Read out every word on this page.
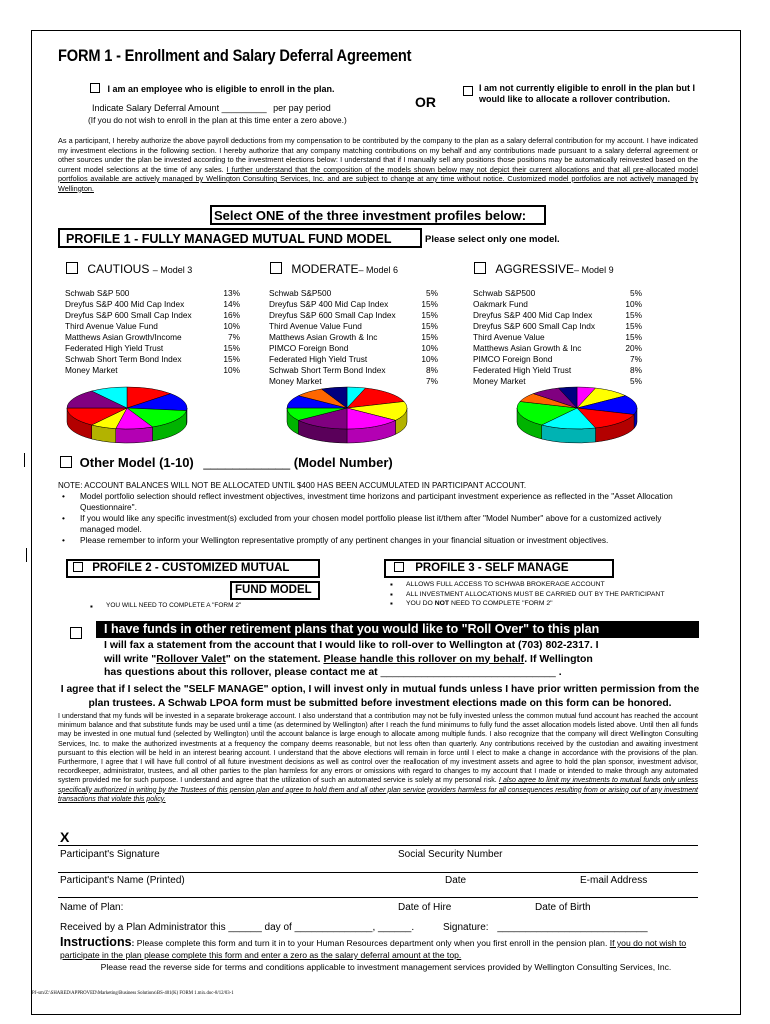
FORM 1 - Enrollment and Salary Deferral Agreement
I am an employee who is eligible to enroll in the plan.
Indicate Salary Deferral Amount _________ per pay period
(If you do not wish to enroll in the plan at this time enter a zero above.)
OR
I am not currently eligible to enroll in the plan but I would like to allocate a rollover contribution.
As a participant, I hereby authorize the above payroll deductions from my compensation to be contributed by the company to the plan as a salary deferral contribution for my account. I have indicated my investment elections in the following section. I hereby authorize that any company matching contributions on my behalf and any contributions made pursuant to a salary deferral agreement or other sources under the plan be invested according to the investment elections below: I understand that if I manually sell any positions those positions may be automatically reinvested based on the current model selections at the time of any sales. I further understand that the composition of the models shown below may not depict their current allocations and that all pre-allocated model portfolios available are actively managed by Wellington Consulting Services, Inc. and are subject to change at any time without notice. Customized model portfolios are not actively managed by Wellington.
Select ONE of the three investment profiles below:
PROFILE 1 - FULLY MANAGED MUTUAL FUND MODEL	Please select only one model.
CAUTIOUS – Model 3	MODERATE– Model 6	AGGRESSIVE– Model 9
Schwab S&P 500	13%
Dreyfus S&P 400 Mid Cap Index	14%
Dreyfus S&P 600 Small Cap Index	16%
Third Avenue Value Fund	10%
Matthews Asian Growth/Income	7%
Federated High Yield Trust	15%
Schwab Short Term Bond Index	15%
Money Market	10%
Schwab S&P500	5%
Dreyfus S&P 400 Mid Cap Index	15%
Dreyfus S&P 600 Small Cap Index	15%
Third Avenue Value Fund	15%
Matthews Asian Growth & Inc	15%
PIMCO Foreign Bond	10%
Federated High Yield Trust	10%
Schwab Short Term Bond Index	8%
Money Market	7%
Schwab S&P500	5%
Oakmark Fund	10%
Dreyfus S&P 400 Mid Cap Index	15%
Dreyfus S&P 600 Small Cap Indx	15%
Third Avenue Value	15%
Matthews Asian Growth & Inc	20%
PIMCO Foreign Bond	7%
Federated High Yield Trust	8%
Money Market	5%
Other Model (1-10) ____________ (Model Number)
NOTE: ACCOUNT BALANCES WILL NOT BE ALLOCATED UNTIL $400 HAS BEEN ACCUMULATED IN PARTICIPANT ACCOUNT.
• Model portfolio selection should reflect investment objectives, investment time horizons and participant investment experience as reflected in the "Asset Allocation Questionnaire".
• If you would like any specific investment(s) excluded from your chosen model portfolio please list it/them after "Model Number" above for a customized actively managed model.
• Please remember to inform your Wellington representative promptly of any pertinent changes in your financial situation or investment objectives.
PROFILE 2 - CUSTOMIZED MUTUAL
FUND MODEL
▪ YOU WILL NEED TO COMPLETE A "FORM 2"
PROFILE 3 - SELF MANAGE
▪ ALLOWS FULL ACCESS TO SCHWAB BROKERAGE ACCOUNT
▪ ALL INVESTMENT ALLOCATIONS MUST BE CARRIED OUT BY THE PARTICIPANT
▪ YOU DO NOT NEED TO COMPLETE "FORM 2"
I have funds in other retirement plans that you would like to "Roll Over" to this plan
I will fax a statement from the account that I would like to roll-over to Wellington at (703) 802-2317. I
will write "Rollover Valet" on the statement. Please handle this rollover on my behalf. If Wellington
has questions about this rollover, please contact me at ______________________________ .
I agree that if I select the "SELF MANAGE" option, I will invest only in mutual funds unless I have prior written permission from the plan trustees. A Schwab LPOA form must be submitted before investment elections made on this form can be honored.
I understand that my funds will be invested in a separate brokerage account. I also understand that a contribution may not be fully invested unless the common mutual fund account has reached the account minimum balance and that substitute funds may be used until a time (as determined by Wellington) after I reach the fund minimums to fully fund the asset allocation models listed above. Until then all funds may be invested in one mutual fund (selected by Wellington) until the account balance is large enough to allocate among multiple funds. I also recognize that the company will direct Wellington Consulting Services, Inc. to make the authorized investments at a frequency the company deems reasonable, but not less often than quarterly. Any contributions received by the custodian and awaiting investment pursuant to this election will be held in an interest bearing account. I understand that the above elections will remain in force until I elect to make a change in accordance with the provisions of the plan. Furthermore, I agree that I will have full control of all future investment decisions as well as control over the reallocation of my investment assets and agree to hold the plan sponsor, investment advisor, recordkeeper, administrator, trustees, and all other parties to the plan harmless for any errors or omissions with regard to changes to my account that I made or intended to make through any automated system provided me for such purpose. I understand and agree that the utilization of such an automated service is solely at my personal risk. I also agree to limit my investments to mutual funds only unless specifically authorized in writing by the Trustees of this pension plan and agree to hold them and all other plan service providers harmless for all consequences resulting from or arising out of any investment transactions that violate this policy.
X
Participant's Signature	Social Security Number
Participant's Name (Printed)	Date	E-mail Address
Name of Plan:	Date of Hire	Date of Birth
Received by a Plan Administrator this ______ day of ______________, ______.	Signature: ___________________________
Instructions: Please complete this form and turn it in to your Human Resources department only when you first enroll in the pension plan. If you do not wish to participate in the plan please complete this form and enter a zero as the salary deferral amount at the top.
Please read the reverse side for terms and conditions applicable to investment management services provided by Wellington Consulting Services, Inc.
PJ-sm/Z:\SHARED\APPROVED\Marketing\Business Solutions\BS-401(K) FORM 1.mix.doc-8/12/03-1
